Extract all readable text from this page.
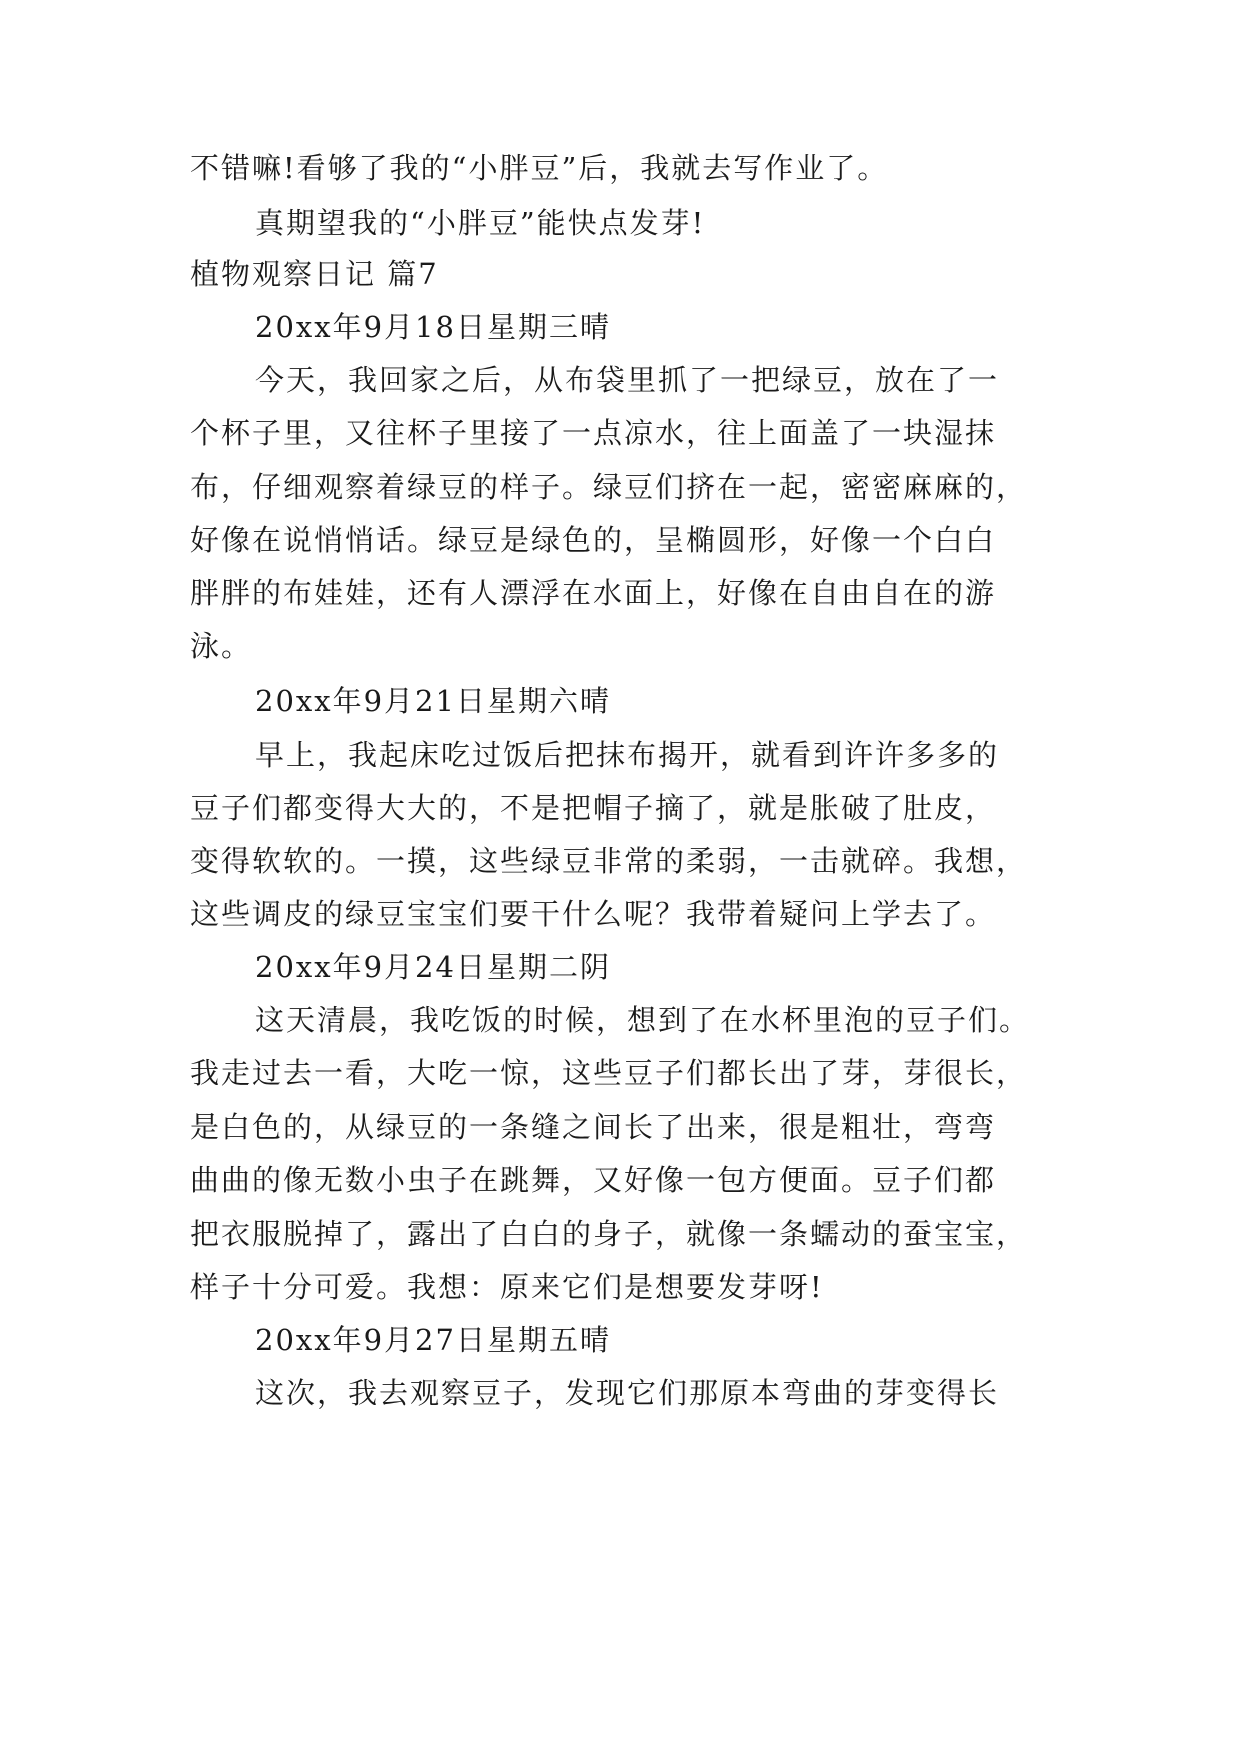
不错嘛!看够了我的“小胖豆”后，我就去写作业了。
真期望我的“小胖豆”能快点发芽!
植物观察日记 篇7
20xx年9月18日星期三晴
今天，我回家之后，从布袋里抓了一把绿豆，放在了一
个杯子里，又往杯子里接了一点凉水，往上面盖了一块湿抹
布，仔细观察着绿豆的样子。绿豆们挤在一起，密密麻麻的，
好像在说悄悄话。绿豆是绿色的，呈椭圆形，好像一个白白
胖胖的布娃娃，还有人漂浮在水面上，好像在自由自在的游
泳。
20xx年9月21日星期六晴
早上，我起床吃过饭后把抹布揭开，就看到许许多多的
豆子们都变得大大的，不是把帽子摘了，就是胀破了肚皮，
变得软软的。一摸，这些绿豆非常的柔弱，一击就碎。我想，
这些调皮的绿豆宝宝们要干什么呢？我带着疑问上学去了。
20xx年9月24日星期二阴
这天清晨，我吃饭的时候，想到了在水杯里泡的豆子们。
我走过去一看，大吃一惊，这些豆子们都长出了芽，芽很长，
是白色的，从绿豆的一条缝之间长了出来，很是粗壮，弯弯
曲曲的像无数小虫子在跳舞，又好像一包方便面。豆子们都
把衣服脱掉了，露出了白白的身子，就像一条蠕动的蚕宝宝，
样子十分可爱。我想：原来它们是想要发芽呀!
20xx年9月27日星期五晴
这次，我去观察豆子，发现它们那原本弯曲的芽变得长
